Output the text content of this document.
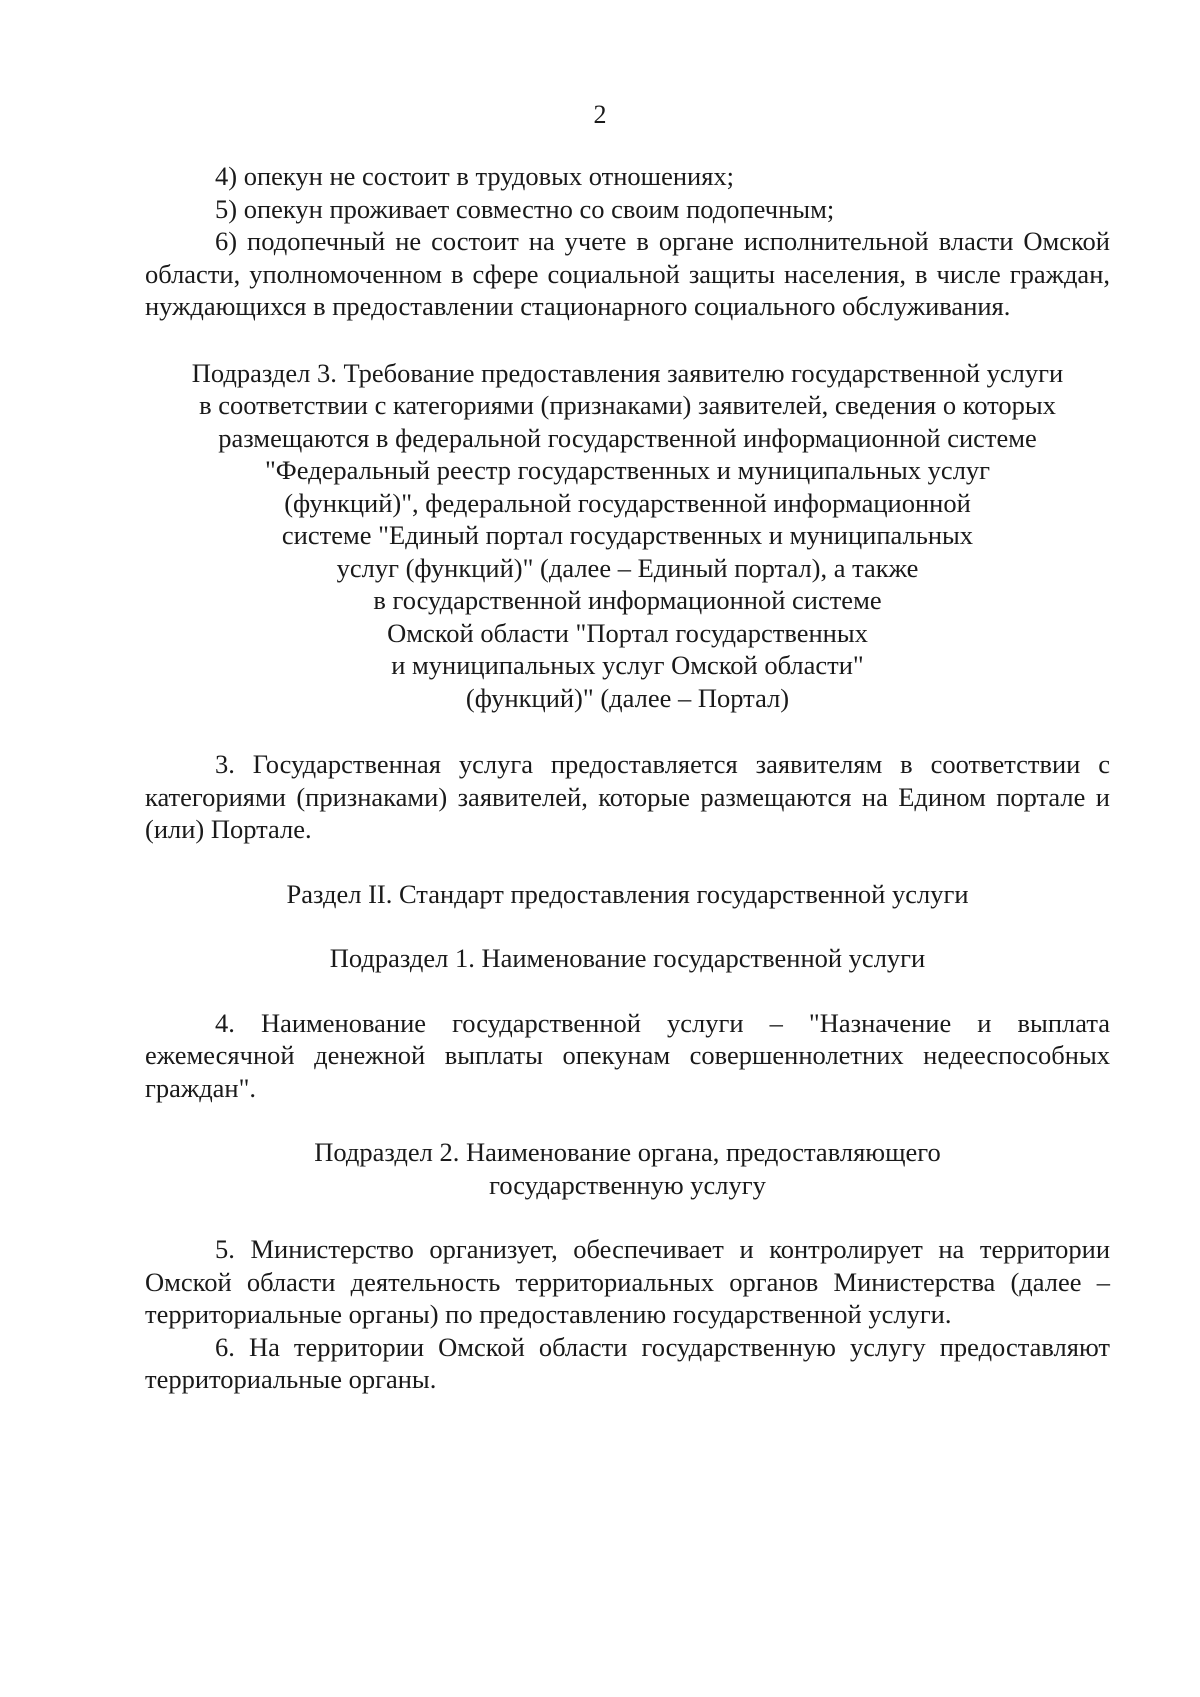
2

4) опекун не состоит в трудовых отношениях;

5) опекун проживает совместно со своим подопечным;

6) подопечный не состоит на учете в органе исполнительной власти Омской области, уполномоченном в сфере социальной защиты населения, в числе граждан, нуждающихся в предоставлении стационарного социального обслуживания.

Подраздел 3. Требование предоставления заявителю государственной услуги
в соответствии с категориями (признаками) заявителей, сведения о которых
размещаются в федеральной государственной информационной системе
"Федеральный реестр государственных и муниципальных услуг
(функций)", федеральной государственной информационной
системе "Единый портал государственных и муниципальных
услуг (функций)" (далее – Единый портал), а также
в государственной информационной системе
Омской области "Портал государственных
и муниципальных услуг Омской области"
(функций)" (далее – Портал)

3. Государственная услуга предоставляется заявителям в соответствии с категориями (признаками) заявителей, которые размещаются на Едином портале и (или) Портале.

Раздел II. Стандарт предоставления государственной услуги

Подраздел 1. Наименование государственной услуги

4. Наименование государственной услуги – "Назначение и выплата ежемесячной денежной выплаты опекунам совершеннолетних недееспособных граждан".

Подраздел 2. Наименование органа, предоставляющего
государственную услугу

5. Министерство организует, обеспечивает и контролирует на территории Омской области деятельность территориальных органов Министерства (далее – территориальные органы) по предоставлению государственной услуги.

6. На территории Омской области государственную услугу предоставляют территориальные органы.
